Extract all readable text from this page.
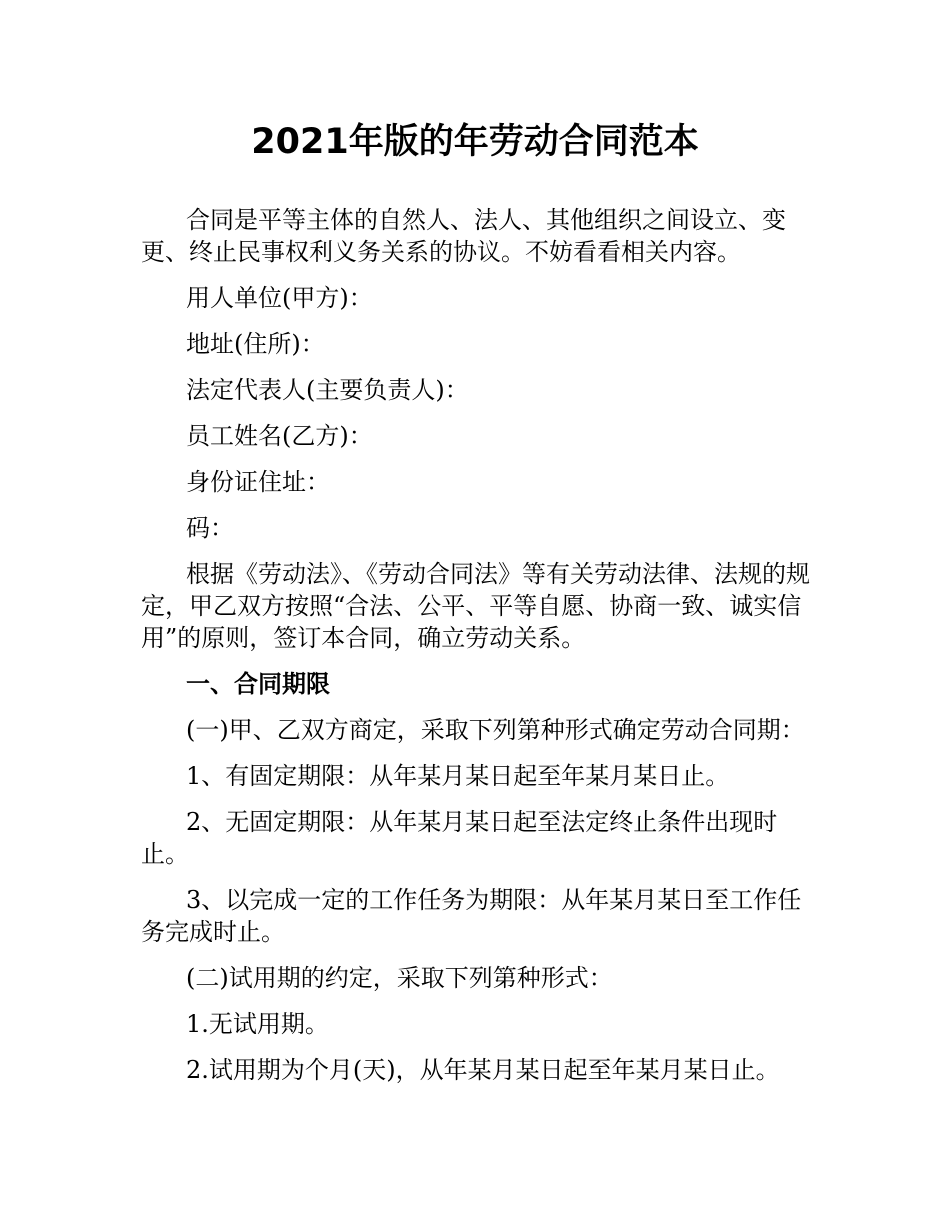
2021年版的年劳动合同范本

合同是平等主体的自然人、法人、其他组织之间设立、变更、终止民事权利义务关系的协议。不妨看看相关内容。

用人单位(甲方)：

地址(住所)：

法定代表人(主要负责人)：

员工姓名(乙方)：

身份证住址：

码：

根据《劳动法》、《劳动合同法》等有关劳动法律、法规的规定，甲乙双方按照“合法、公平、平等自愿、协商一致、诚实信用”的原则，签订本合同，确立劳动关系。

一、合同期限

(一)甲、乙双方商定，采取下列第种形式确定劳动合同期：

1、有固定期限：从年某月某日起至年某月某日止。

2、无固定期限：从年某月某日起至法定终止条件出现时止。

3、以完成一定的工作任务为期限：从年某月某日至工作任务完成时止。

(二)试用期的约定，采取下列第种形式：

1.无试用期。

2.试用期为个月(天)，从年某月某日起至年某月某日止。
